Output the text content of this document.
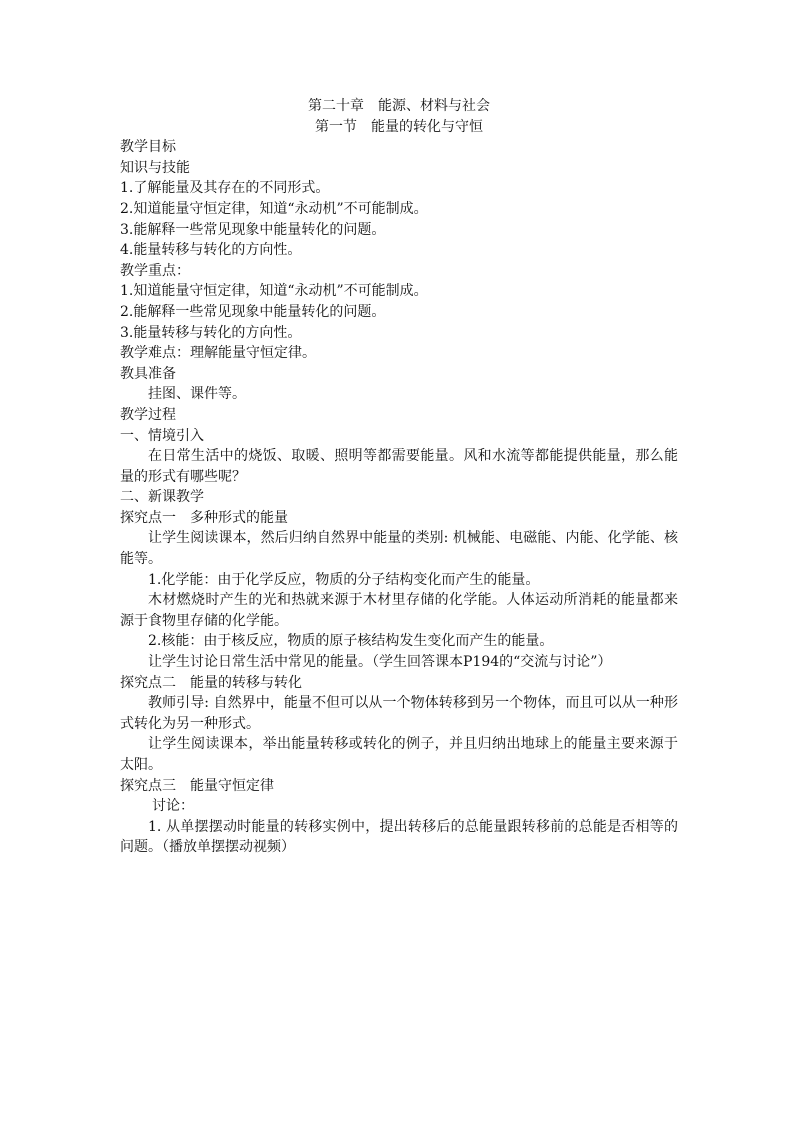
第二十章　能源、材料与社会

第一节　能量的转化与守恒

教学目标

知识与技能

1.了解能量及其存在的不同形式。

2.知道能量守恒定律，知道“永动机”不可能制成。

3.能解释一些常见现象中能量转化的问题。

4.能量转移与转化的方向性。

教学重点：

1.知道能量守恒定律，知道“永动机”不可能制成。

2.能解释一些常见现象中能量转化的问题。

3.能量转移与转化的方向性。

教学难点：理解能量守恒定律。

教具准备

挂图、课件等。

教学过程

一、情境引入

在日常生活中的烧饭、取暖、照明等都需要能量。风和水流等都能提供能量，那么能量的形式有哪些呢？

二、新课教学

探究点一　多种形式的能量

让学生阅读课本，然后归纳自然界中能量的类别: 机械能、电磁能、内能、化学能、核能等。

1.化学能：由于化学反应，物质的分子结构变化而产生的能量。

木材燃烧时产生的光和热就来源于木材里存储的化学能。人体运动所消耗的能量都来源于食物里存储的化学能。

2.核能：由于核反应，物质的原子核结构发生变化而产生的能量。

让学生讨论日常生活中常见的能量。（学生回答课本P194的“交流与讨论”）

探究点二　能量的转移与转化

教师引导: 自然界中，能量不但可以从一个物体转移到另一个物体，而且可以从一种形式转化为另一种形式。

让学生阅读课本，举出能量转移或转化的例子，并且归纳出地球上的能量主要来源于太阳。

探究点三　能量守恒定律

讨论：

1. 从单摆摆动时能量的转移实例中，提出转移后的总能量跟转移前的总能是否相等的问题。（播放单摆摆动视频）
